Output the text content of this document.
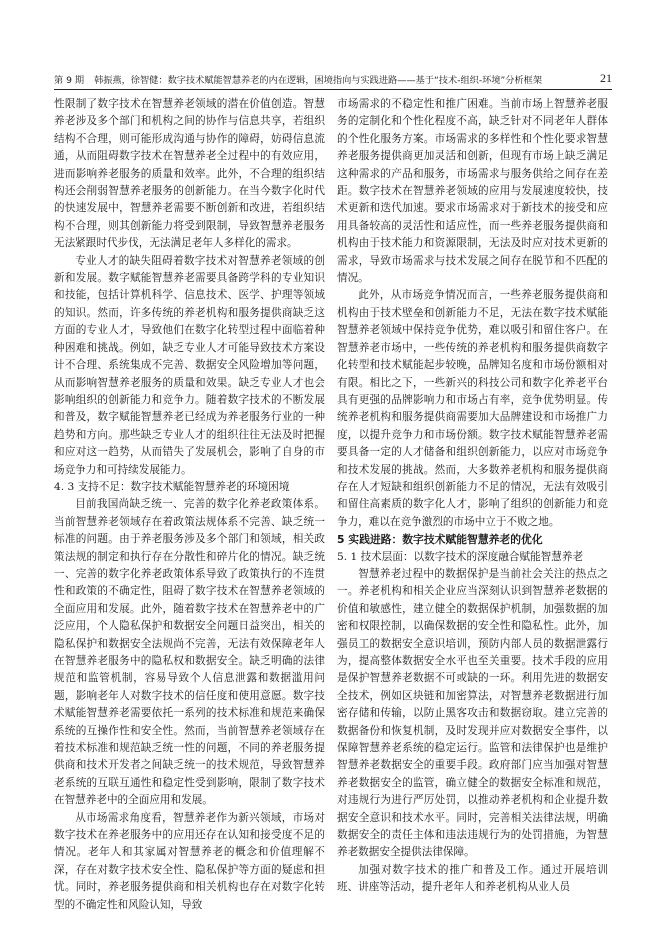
第 9 期 韩振燕，徐智健： 数字技术赋能智慧养老的内在逻辑，困境指向与实践进路——基于“技术-组织-环境”分析框架	21

性限制了数字技术在智慧养老领域的潜在价值创造。智慧养老涉及多个部门和机构之间的协作与信息共享，若组织结构不合理，则可能形成沟通与协作的障碍，妨碍信息流通，从而阻碍数字技术在智慧养老全过程中的有效应用，进而影响养老服务的质量和效率。此外，不合理的组织结构还会削弱智慧养老服务的创新能力。在当今数字化时代的快速发展中，智慧养老需要不断创新和改进，若组织结构不合理，则其创新能力将受到限制，导致智慧养老服务无法紧跟时代步伐，无法满足老年人多样化的需求。

专业人才的缺失阻碍着数字技术对智慧养老领域的创新和发展。数字赋能智慧养老需要具备跨学科的专业知识和技能，包括计算机科学、信息技术、医学、护理等领域的知识。然而，许多传统的养老机构和服务提供商缺乏这方面的专业人才，导致他们在数字化转型过程中面临着种种困难和挑战。例如，缺乏专业人才可能导致技术方案设计不合理、系统集成不完善、数据安全风险增加等问题，从而影响智慧养老服务的质量和效果。缺乏专业人才也会影响组织的创新能力和竞争力。随着数字技术的不断发展和普及，数字赋能智慧养老已经成为养老服务行业的一种趋势和方向。那些缺乏专业人才的组织往往无法及时把握和应对这一趋势，从而错失了发展机会，影响了自身的市场竞争力和可持续发展能力。

4. 3 支持不足：数字技术赋能智慧养老的环境困境

目前我国尚缺乏统一、完善的数字化养老政策体系。当前智慧养老领域存在着政策法规体系不完善、缺乏统一标准的问题。由于养老服务涉及多个部门和领域，相关政策法规的制定和执行存在分散性和碎片化的情况。缺乏统一、完善的数字化养老政策体系导致了政策执行的不连贯性和政策的不确定性，阻碍了数字技术在智慧养老领域的全面应用和发展。此外，随着数字技术在智慧养老中的广泛应用，个人隐私保护和数据安全问题日益突出，相关的隐私保护和数据安全法规尚不完善，无法有效保障老年人在智慧养老服务中的隐私权和数据安全。缺乏明确的法律规范和监管机制，容易导致个人信息泄露和数据滥用问题，影响老年人对数字技术的信任度和使用意愿。数字技术赋能智慧养老需要依托一系列的技术标准和规范来确保系统的互操作性和安全性。然而，当前智慧养老领域存在着技术标准和规范缺乏统一性的问题，不同的养老服务提供商和技术开发者之间缺乏统一的技术规范，导致智慧养老系统的互联互通性和稳定性受到影响，限制了数字技术在智慧养老中的全面应用和发展。

从市场需求角度看，智慧养老作为新兴领域，市场对数字技术在养老服务中的应用还存在认知和接受度不足的情况。老年人和其家属对智慧养老的概念和价值理解不深，存在对数字技术安全性、隐私保护等方面的疑虑和担忧。同时，养老服务提供商和相关机构也存在对数字化转型的不确定性和风险认知，导致

市场需求的不稳定性和推广困难。当前市场上智慧养老服务的定制化和个性化程度不高，缺乏针对不同老年人群体的个性化服务方案。市场需求的多样性和个性化要求智慧养老服务提供商更加灵活和创新，但现有市场上缺乏满足这种需求的产品和服务，市场需求与服务供给之间存在差距。数字技术在智慧养老领域的应用与发展速度较快，技术更新和迭代加速。要求市场需求对于新技术的接受和应用具备较高的灵活性和适应性，而一些养老服务提供商和机构由于技术能力和资源限制，无法及时应对技术更新的需求，导致市场需求与技术发展之间存在脱节和不匹配的情况。

此外，从市场竞争情况而言，一些养老服务提供商和机构由于技术壁垒和创新能力不足，无法在数字技术赋能智慧养老领域中保持竞争优势，难以吸引和留住客户。在智慧养老市场中，一些传统的养老机构和服务提供商数字化转型和技术赋能起步较晚，品牌知名度和市场份额相对有限。相比之下，一些新兴的科技公司和数字化养老平台具有更强的品牌影响力和市场占有率，竞争优势明显。传统养老机构和服务提供商需要加大品牌建设和市场推广力度，以提升竞争力和市场份额。数字技术赋能智慧养老需要具备一定的人才储备和组织创新能力，以应对市场竞争和技术发展的挑战。然而，大多数养老机构和服务提供商存在人才短缺和组织创新能力不足的情况，无法有效吸引和留住高素质的数字化人才，影响了组织的创新能力和竞争力，难以在竞争激烈的市场中立于不败之地。

5 实践进路：数字技术赋能智慧养老的优化
5. 1 技术层面：以数字技术的深度融合赋能智慧养老

智慧养老过程中的数据保护是当前社会关注的热点之一。养老机构和相关企业应当深刻认识到智慧养老数据的价值和敏感性，建立健全的数据保护机制，加强数据的加密和权限控制，以确保数据的安全性和隐私性。此外，加强员工的数据安全意识培训，预防内部人员的数据泄露行为，提高整体数据安全水平也至关重要。技术手段的应用是保护智慧养老数据不可或缺的一环。利用先进的数据安全技术，例如区块链和加密算法，对智慧养老数据进行加密存储和传输，以防止黑客攻击和数据窃取。建立完善的数据备份和恢复机制，及时发现并应对数据安全事件，以保障智慧养老系统的稳定运行。监管和法律保护也是维护智慧养老数据安全的重要手段。政府部门应当加强对智慧养老数据安全的监管，确立健全的数据安全标准和规范，对违规行为进行严厉处罚，以推动养老机构和企业提升数据安全意识和技术水平。同时，完善相关法律法规，明确数据安全的责任主体和违法违规行为的处罚措施，为智慧养老数据安全提供法律保障。

加强对数字技术的推广和普及工作。通过开展培训班、讲座等活动，提升老年人和养老机构从业人员
